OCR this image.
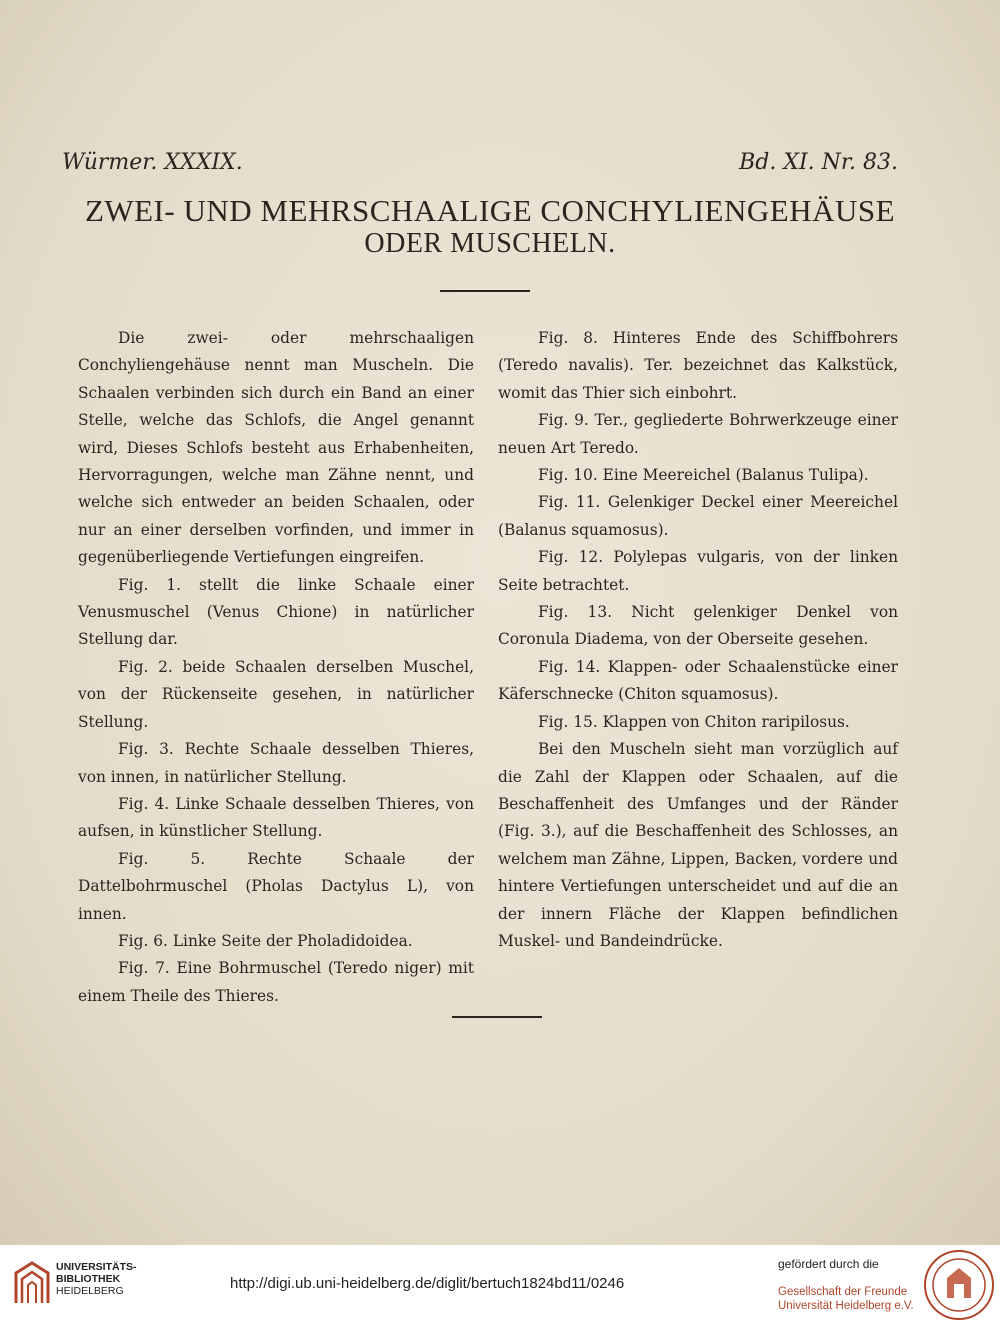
Würmer. XXXIX.	Bd. XI. Nr. 83.
ZWEI- UND MEHRSCHAALIGE CONCHYLIENGEHÄUSE
ODER MUSCHELN.

Die zwei- oder mehrschaaligen Conchyliengehäuse nennt man Muscheln. Die Schaalen verbinden sich durch ein Band an einer Stelle, welche das Schlofs, die Angel genannt wird, Dieses Schlofs besteht aus Erhabenheiten, Hervorragungen, welche man Zähne nennt, und welche sich entweder an beiden Schaalen, oder nur an einer derselben vorfinden, und immer in gegenüberliegende Vertiefungen eingreifen.

Fig. 1. stellt die linke Schaale einer Venusmuschel (Venus Chione) in natürlicher Stellung dar.

Fig. 2. beide Schaalen derselben Muschel, von der Rückenseite gesehen, in natürlicher Stellung.

Fig. 3. Rechte Schaale desselben Thieres, von innen, in natürlicher Stellung.

Fig. 4. Linke Schaale desselben Thieres, von aufsen, in künstlicher Stellung.

Fig. 5. Rechte Schaale der Dattelbohrmuschel (Pholas Dactylus L), von innen.

Fig. 6. Linke Seite der Pholadidoidea.

Fig. 7. Eine Bohrmuschel (Teredo niger) mit einem Theile des Thieres.

Fig. 8. Hinteres Ende des Schiffbohrers (Teredo navalis). Ter. bezeichnet das Kalkstück, womit das Thier sich einbohrt.

Fig. 9. Ter., gegliederte Bohrwerkzeuge einer neuen Art Teredo.

Fig. 10. Eine Meereichel (Balanus Tulipa).

Fig. 11. Gelenkiger Deckel einer Meereichel (Balanus squamosus).

Fig. 12. Polylepas vulgaris, von der linken Seite betrachtet.

Fig. 13. Nicht gelenkiger Denkel von Coronula Diadema, von der Oberseite gesehen.

Fig. 14. Klappen- oder Schaalenstücke einer Käferschnecke (Chiton squamosus).

Fig. 15. Klappen von Chiton raripilosus.

Bei den Muscheln sieht man vorzüglich auf die Zahl der Klappen oder Schaalen, auf die Beschaffenheit des Umfanges und der Ränder (Fig. 3.), auf die Beschaffenheit des Schlosses, an welchem man Zähne, Lippen, Backen, vordere und hintere Vertiefungen unterscheidet und auf die an der innern Fläche der Klappen befindlichen Muskel- und Bandeindrücke.

UNIVERSITÄTS-
BIBLIOTHEK
HEIDELBERG	http://digi.ub.uni-heidelberg.de/diglit/bertuch1824bd11/0246
gefördert durch die
Gesellschaft der Freunde
Universität Heidelberg e.V.
